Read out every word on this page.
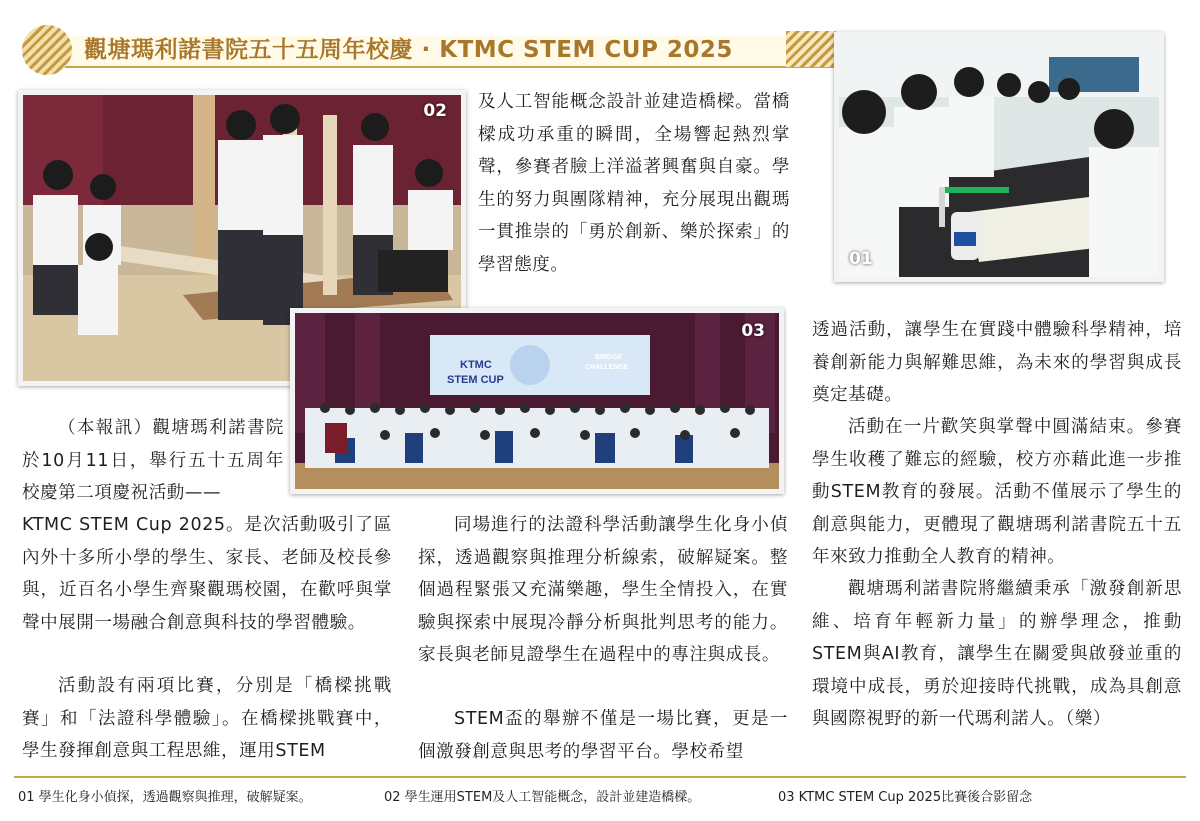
觀塘瑪利諾書院五十五周年校慶 · KTMC STEM CUP 2025
02
01
KTMC
STEM CUP
BRIDGE
CHALLENGE
03

及人工智能概念設計並建造橋樑。當橋樑成功承重的瞬間，全場響起熱烈掌聲，參賽者臉上洋溢著興奮與自豪。學生的努力與團隊精神，充分展現出觀瑪一貫推崇的「勇於創新、樂於探索」的學習態度。

（本報訊）觀塘瑪利諾書院於10月11日，舉行五十五周年校慶第二項慶祝活動——

KTMC STEM Cup 2025。是次活動吸引了區內外十多所小學的學生、家長、老師及校長參與，近百名小學生齊聚觀瑪校園，在歡呼與掌聲中展開一場融合創意與科技的學習體驗。

活動設有兩項比賽，分別是「橋樑挑戰賽」和「法證科學體驗」。在橋樑挑戰賽中，學生發揮創意與工程思維，運用STEM

同場進行的法證科學活動讓學生化身小偵探，透過觀察與推理分析線索，破解疑案。整個過程緊張又充滿樂趣，學生全情投入，在實驗與探索中展現冷靜分析與批判思考的能力。家長與老師見證學生在過程中的專注與成長。

STEM盃的舉辦不僅是一場比賽，更是一個激發創意與思考的學習平台。學校希望

透過活動，讓學生在實踐中體驗科學精神，培養創新能力與解難思維，為未來的學習與成長奠定基礎。

活動在一片歡笑與掌聲中圓滿結束。參賽學生收穫了難忘的經驗，校方亦藉此進一步推動STEM教育的發展。活動不僅展示了學生的創意與能力，更體現了觀塘瑪利諾書院五十五年來致力推動全人教育的精神。

觀塘瑪利諾書院將繼續秉承「激發創新思維、培育年輕新力量」的辦學理念，推動STEM與AI教育，讓學生在關愛與啟發並重的環境中成長，勇於迎接時代挑戰，成為具創意與國際視野的新一代瑪利諾人。（樂）

01 學生化身小偵探，透過觀察與推理，破解疑案。	02 學生運用STEM及人工智能概念，設計並建造橋樑。	03 KTMC STEM Cup 2025比賽後合影留念
